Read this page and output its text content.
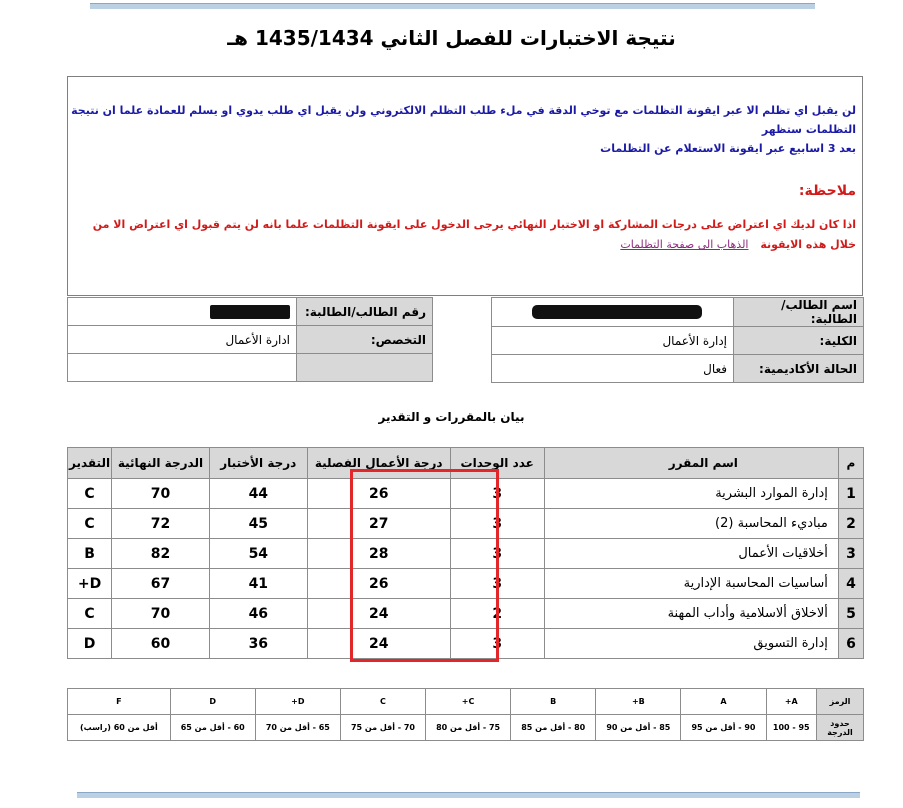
نتيجة الاختبارات للفصل الثاني 1435/1434 هـ
لن يقبل اي تظلم الا عبر ايقونة التظلمات مع توخي الدقة في ملء طلب التظلم الالكتروني ولن يقبل اي طلب يدوي او يسلم للعمادة علما ان نتيجة التظلمات ستظهر
بعد 3 اسابيع عبر ايقونة الاستعلام عن التظلمات
ملاحظة:
اذا كان لديك اي اعتراض على درجات المشاركة او الاختبار النهائي يرجى الدخول على ايقونة التظلمات علما بانه لن يتم قبول اي اعتراض الا من خلال هذه الايقونة الذهاب الى صفحة التظلمات
اسم الطالب/الطالبة:	
الكلية:	إدارة الأعمال
الحالة الأكاديمية:	فعال
رقم الطالب/الطالبة:	
التخصص:	ادارة الأعمال

بيان بالمقررات و التقدير
م	اسم المقرر	عدد الوحدات	درجة الأعمال الفصلية	درجة الأختبار	الدرجة النهائية	التقدير
1	إدارة الموارد البشرية	3	26	44	70	C
2	مباديء المحاسبة (2)	3	27	45	72	C
3	أخلاقيات الأعمال	3	28	54	82	B
4	أساسيات المحاسبة الإدارية	3	26	41	67	D+
5	ألاخلاق ألاسلامية وأداب المهنة	2	24	46	70	C
6	إدارة التسويق	3	24	36	60	D
الرمز	A+	A	B+	B	C+	C	D+	D	F
حدود الدرجة	95 - 100	90 - أقل من 95	85 - أقل من 90	80 - أقل من 85	75 - أقل من 80	70 - أقل من 75	65 - أقل من 70	60 - أقل من 65	أقل من 60 (راسب)
